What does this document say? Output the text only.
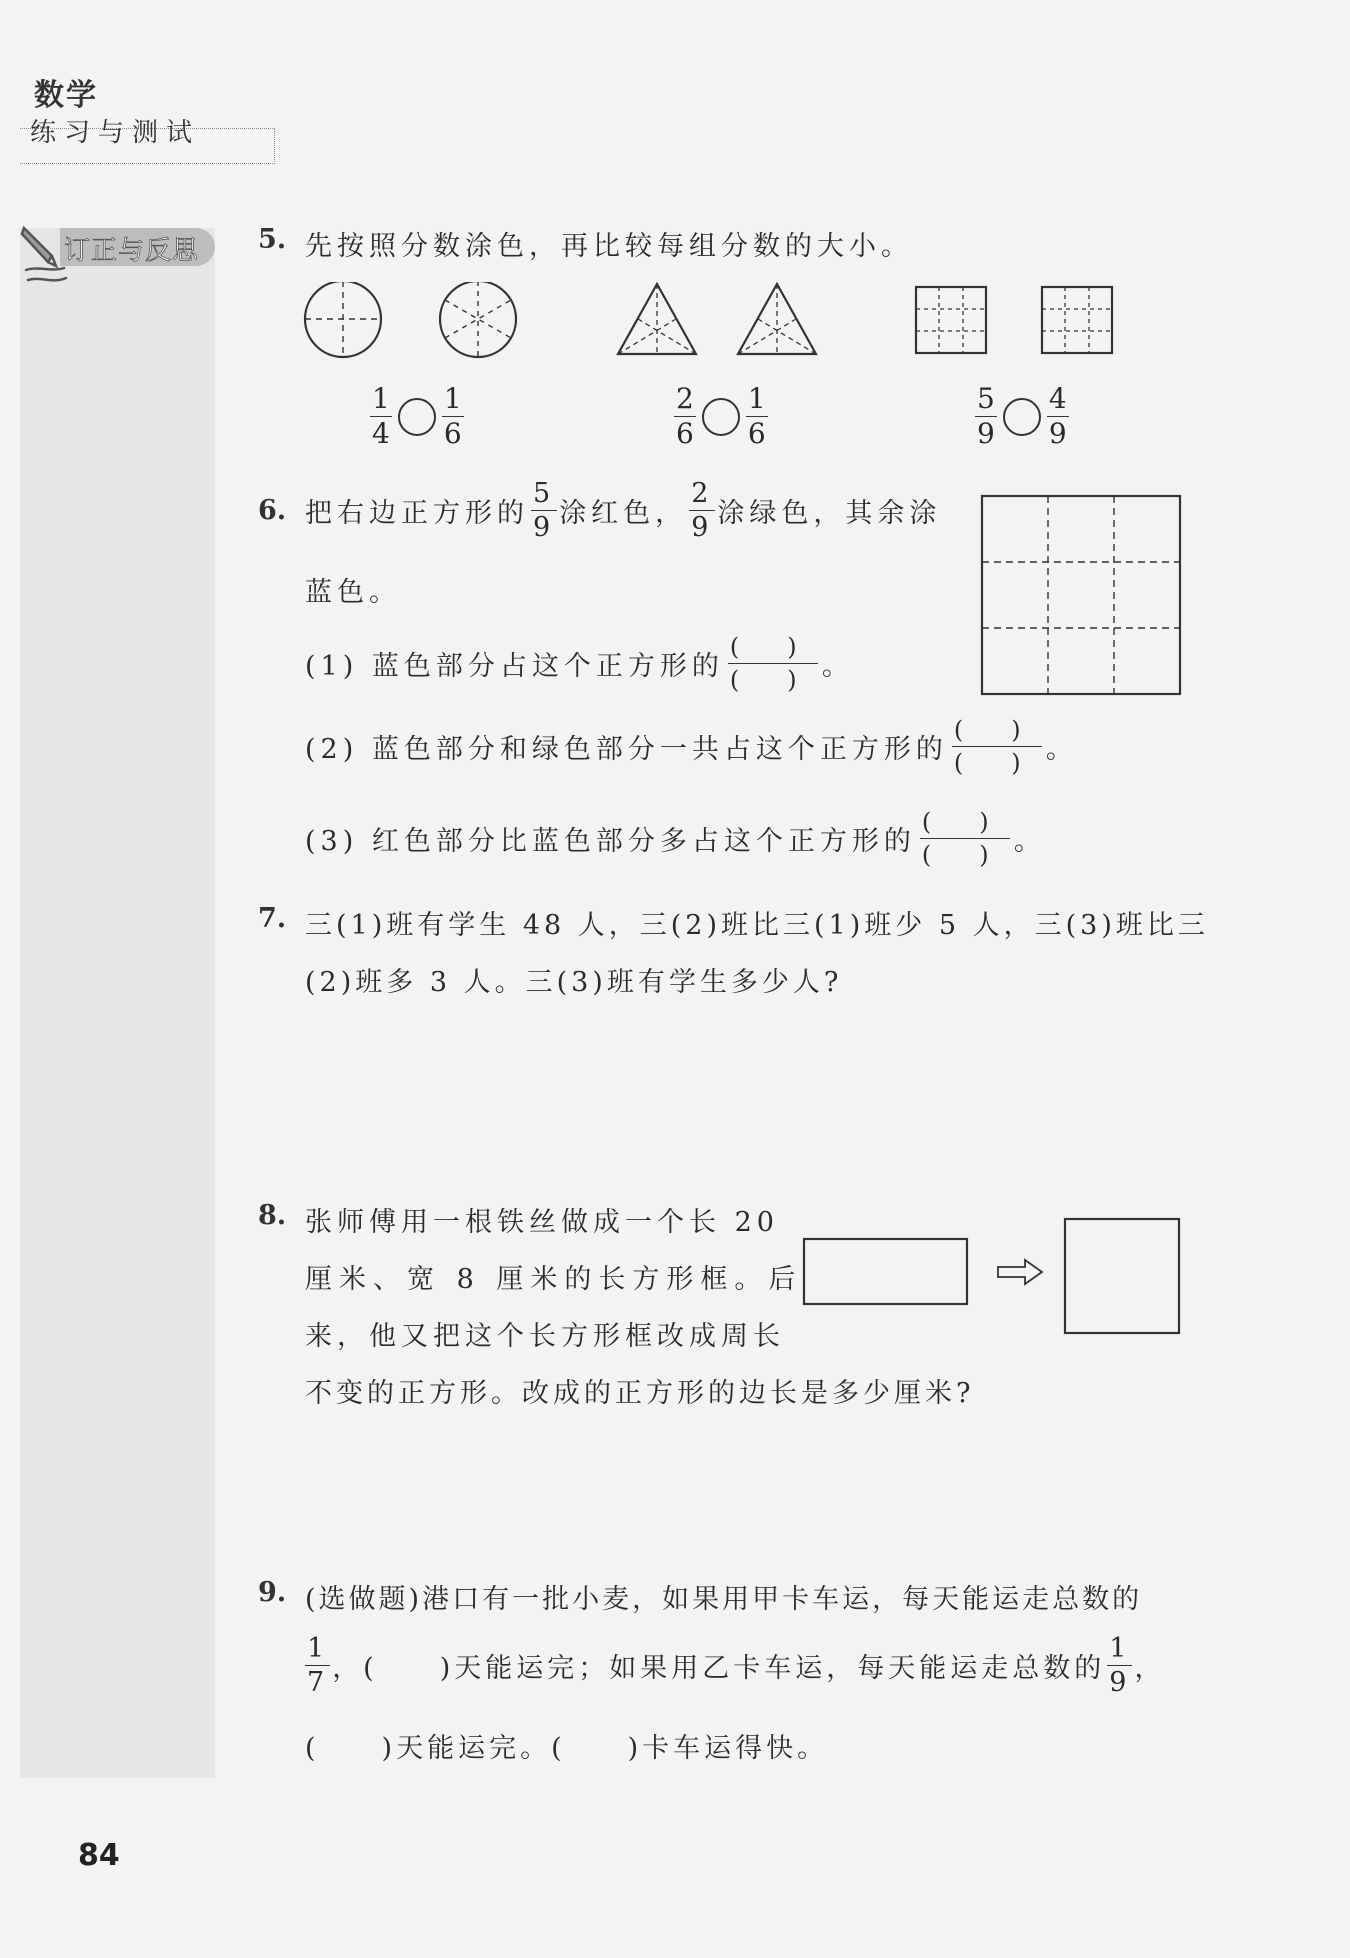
数学
练习与测试
订正与反思 5. 先按照分数涂色，再比较每组分数的大小。
$\frac{1}{4} \frac{1}{6}$	$\frac{2}{6} \frac{1}{6}$	$\frac{5}{9} \frac{4}{9}$
6. 把右边正方形的 $\frac{5}{9}$ 涂红色， $\frac{2}{9}$ 涂绿色，其余涂
蓝色。
(1) 蓝色部分占这个正方形的
(  )
(  ) 。
(2) 蓝色部分和绿色部分一共占这个正方形的
(  )
(  ) 。
(3) 红色部分比蓝色部分多占这个正方形的
(  )
(  ) 。
7. 三(1)班有学生 48 人，三(2)班比三(1)班少 5 人，三(3)班比三
(2)班多 3 人。三(3)班有学生多少人?
8. 张师傅用一根铁丝做成一个长 20
厘米、宽 8 厘米的长方形框。后
来，他又把这个长方形框改成周长
不变的正方形。改成的正方形的边长是多少厘米?
9. (选做题)港口有一批小麦，如果用甲卡车运，每天能运走总数的
$\frac{1}{7}$ ，(　　)天能运完；如果用乙卡车运，每天能运走总数的 $\frac{1}{9}$ ，
(　　)天能运完。(　　)卡车运得快。
84
